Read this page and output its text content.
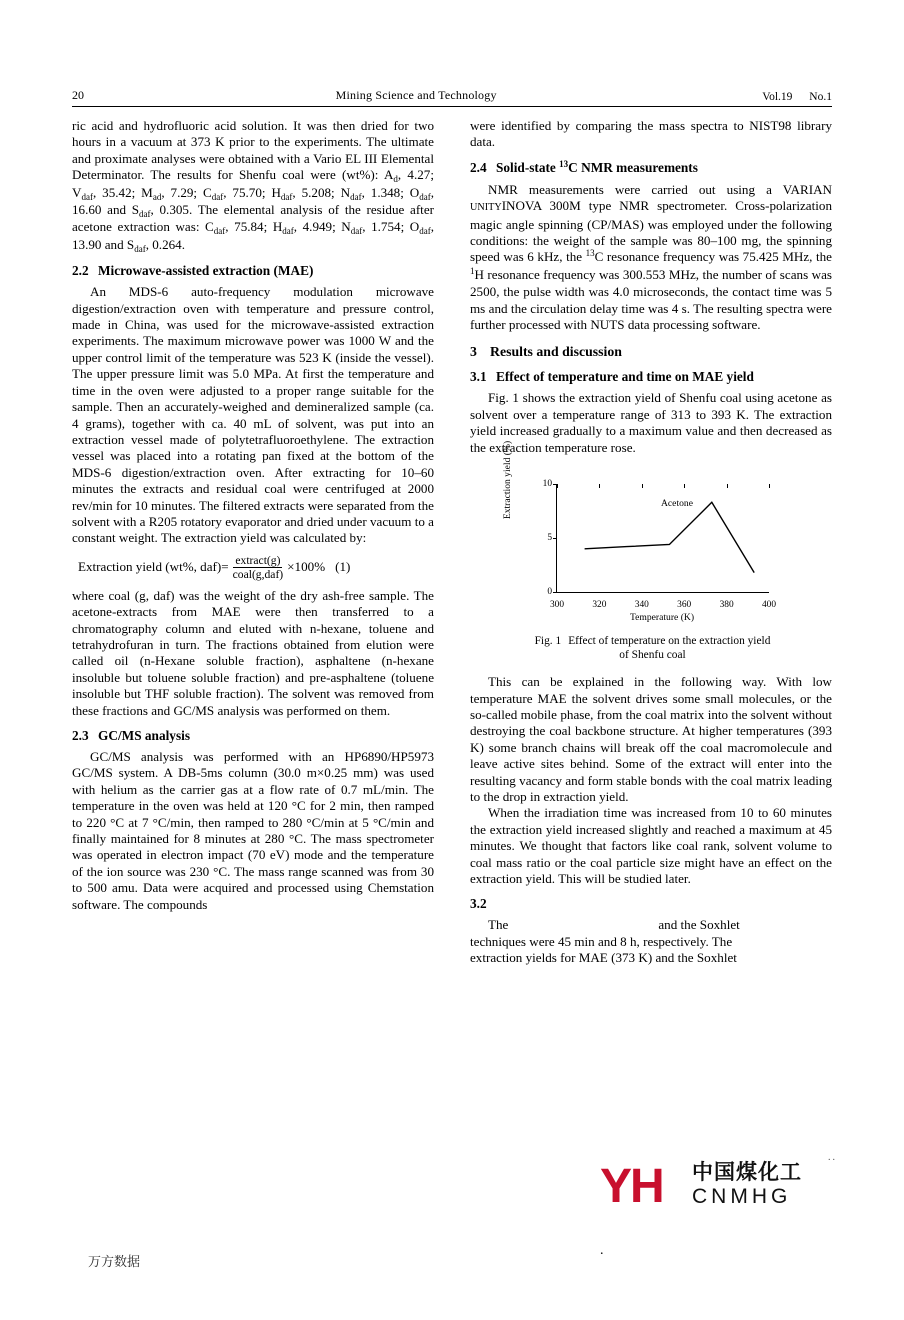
20	Mining Science and Technology	Vol.19 No.1

ric acid and hydrofluoric acid solution. It was then dried for two hours in a vacuum at 373 K prior to the experiments. The ultimate and proximate analyses were obtained with a Vario EL III Elemental Determinator. The results for Shenfu coal were (wt%): $A_d$, 4.27; $V_{daf}$, 35.42; $M_{ad}$, 7.29; $C_{daf}$, 75.70; $H_{daf}$, 5.208; $N_{daf}$, 1.348; $O_{daf}$, 16.60 and $S_{daf}$, 0.305. The elemental analysis of the residue after acetone extraction was: $C_{daf}$, 75.84; $H_{daf}$, 4.949; $N_{daf}$, 1.754; $O_{daf}$, 13.90 and $S_{daf}$, 0.264.

2.2 Microwave-assisted extraction (MAE)

An MDS-6 auto-frequency modulation microwave digestion/extraction oven with temperature and pressure control, made in China, was used for the microwave-assisted extraction experiments. The maximum microwave power was 1000 W and the upper control limit of the temperature was 523 K (inside the vessel). The upper pressure limit was 5.0 MPa. At first the temperature and time in the oven were adjusted to a proper range suitable for the sample. Then an accurately-weighed and demineralized sample (ca. 4 grams), together with ca. 40 mL of solvent, was put into an extraction vessel made of polytetrafluoroethylene. The extraction vessel was placed into a rotating pan fixed at the bottom of the MDS-6 digestion/extraction oven. After extracting for 10–60 minutes the extracts and residual coal were centrifuged at 2000 rev/min for 10 minutes. The filtered extracts were separated from the solvent with a R205 rotatory evaporator and dried under vacuum to a constant weight. The extraction yield was calculated by:

Extraction yield (wt%, $daf)= \frac{\text{extract(g)}}{\text{coal(g,daf)}} \times 100\%$ (1)

where coal (g, daf) was the weight of the dry ash-free sample. The acetone-extracts from MAE were then transferred to a chromatography column and eluted with n-hexane, toluene and tetrahydrofuran in turn. The fractions obtained from elution were called oil (n-Hexane soluble fraction), asphaltene (n-hexane insoluble but toluene soluble fraction) and pre-asphaltene (toluene insoluble but THF soluble fraction). The solvent was removed from these fractions and GC/MS analysis was performed on them.

2.3 GC/MS analysis

GC/MS analysis was performed with an HP6890/HP5973 GC/MS system. A DB-5ms column (30.0 m×0.25 mm) was used with helium as the carrier gas at a flow rate of 0.7 mL/min. The temperature in the oven was held at 120 °C for 2 min, then ramped to 220 °C at 7 °C/min, then ramped to 280 °C/min at 5 °C/min and finally maintained for 8 minutes at 280 °C. The mass spectrometer was operated in electron impact (70 eV) mode and the temperature of the ion source was 230 °C. The mass range scanned was from 30 to 500 amu. Data were acquired and processed using Chemstation software. The compounds

were identified by comparing the mass spectra to NIST98 library data.

2.4 Solid-state $^{13}$C NMR measurements

NMR measurements were carried out using a VARIAN UNITYINOVA 300M type NMR spectrometer. Cross-polarization magic angle spinning (CP/MAS) was employed under the following conditions: the weight of the sample was 80–100 mg, the spinning speed was 6 kHz, the $^{13}$C resonance frequency was 75.425 MHz, the $^1$H resonance frequency was 300.553 MHz, the number of scans was 2500, the pulse width was 4.0 microseconds, the contact time was 5 ms and the circulation delay time was 4 s. The resulting spectra were further processed with NUTS data processing software.

3 Results and discussion
3.1 Effect of temperature and time on MAE yield

Fig. 1 shows the extraction yield of Shenfu coal using acetone as solvent over a temperature range of 313 to 393 K. The extraction yield increased gradually to a maximum value and then decreased as the extraction temperature rose.

Extraction yield (%)	10
5
0
300	320	340	360	380	400
Acetone
Temperature (K)
Fig. 1 Effect of temperature on the extraction yield
of Shenfu coal

This can be explained in the following way. With low temperature MAE the solvent drives some small molecules, or the so-called mobile phase, from the coal matrix into the solvent without destroying the coal backbone structure. At higher temperatures (393 K) some branch chains will break off the coal macromolecule and leave active sites behind. Some of the extract will enter into the resulting vacancy and form stable bonds with the coal matrix leading to the drop in extraction yield.

When the irradiation time was increased from 10 to 60 minutes the extraction yield increased slightly and reached a maximum at 45 minutes. We thought that factors like coal rank, solvent volume to coal mass ratio or the coal particle size might have an effect on the extraction yield. This will be studied later.

3.2

The	and the Soxhlet

techniques were 45 min and 8 h, respectively. The

extraction yields for MAE (373 K) and the Soxhlet

YH	中国煤化工
CNMHG
..
万方数据
.
